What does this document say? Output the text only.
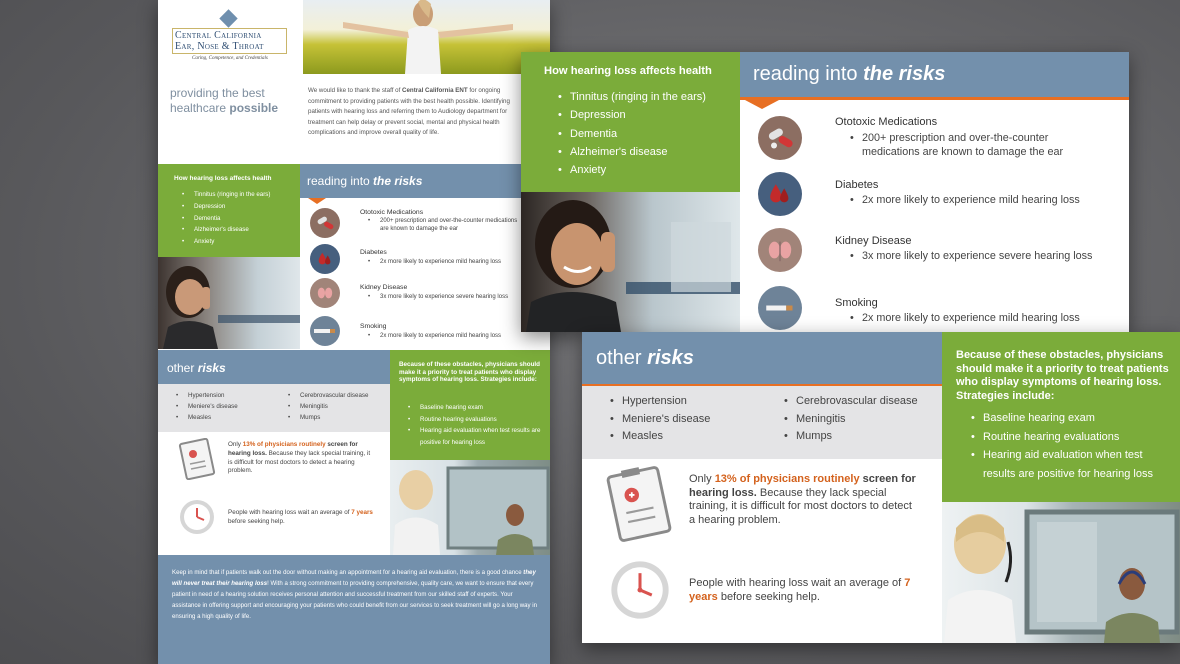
Central California
Ear, Nose & Throat
Caring, Competence, and Credentials
providing the best
healthcare possible
We would like to thank the staff of Central California ENT for ongoing commitment to providing patients with the best health possible. Identifying patients with hearing loss and referring them to Audiology department for treatment can help delay or prevent social, mental and physical health complications and improve overall quality of life.
How hearing loss affects health
• Tinnitus (ringing in the ears)
• Depression
• Dementia
• Alzheimer's disease
• Anxiety
reading into the risks
Ototoxic Medications
• 200+ prescription and over-the-counter medications are known to damage the ear
Diabetes
• 2x more likely to experience mild hearing loss
Kidney Disease
• 3x more likely to experience severe hearing loss
Smoking
• 2x more likely to experience mild hearing loss
other risks
• Hypertension
• Meniere's disease
• Measles
• Cerebrovascular disease
• Meningitis
• Mumps
Only 13% of physicians routinely screen for hearing loss. Because they lack special training, it is difficult for most doctors to detect a hearing problem.
People with hearing loss wait an average of 7 years before seeking help.
Because of these obstacles, physicians should make it a priority to treat patients who display symptoms of hearing loss. Strategies include:
• Baseline hearing exam
• Routine hearing evaluations
• Hearing aid evaluation when test results are positive for hearing loss
Keep in mind that if patients walk out the door without making an appointment for a hearing aid evaluation, there is a good chance they will never treat their hearing loss! With a strong commitment to providing comprehensive, quality care, we want to ensure that every patient in need of a hearing solution receives personal attention and successful treatment from our skilled staff of experts. Your assistance in offering support and encouraging your patients who could benefit from our services to seek treatment will go a long way in ensuring a high quality of life.
How hearing loss affects health
• Tinnitus (ringing in the ears)
• Depression
• Dementia
• Alzheimer's disease
• Anxiety
reading into the risks
Ototoxic Medications
• 200+ prescription and over-the-counter medications are known to damage the ear
Diabetes
• 2x more likely to experience mild hearing loss
Kidney Disease
• 3x more likely to experience severe hearing loss
Smoking
• 2x more likely to experience mild hearing loss
other risks
• Hypertension
• Meniere's disease
• Measles
• Cerebrovascular disease
• Meningitis
• Mumps
Only 13% of physicians routinely screen for hearing loss. Because they lack special training, it is difficult for most doctors to detect a hearing problem.
People with hearing loss wait an average of 7 years before seeking help.
Because of these obstacles, physicians should make it a priority to treat patients who display symptoms of hearing loss. Strategies include:
• Baseline hearing exam
• Routine hearing evaluations
• Hearing aid evaluation when test results are positive for hearing loss
